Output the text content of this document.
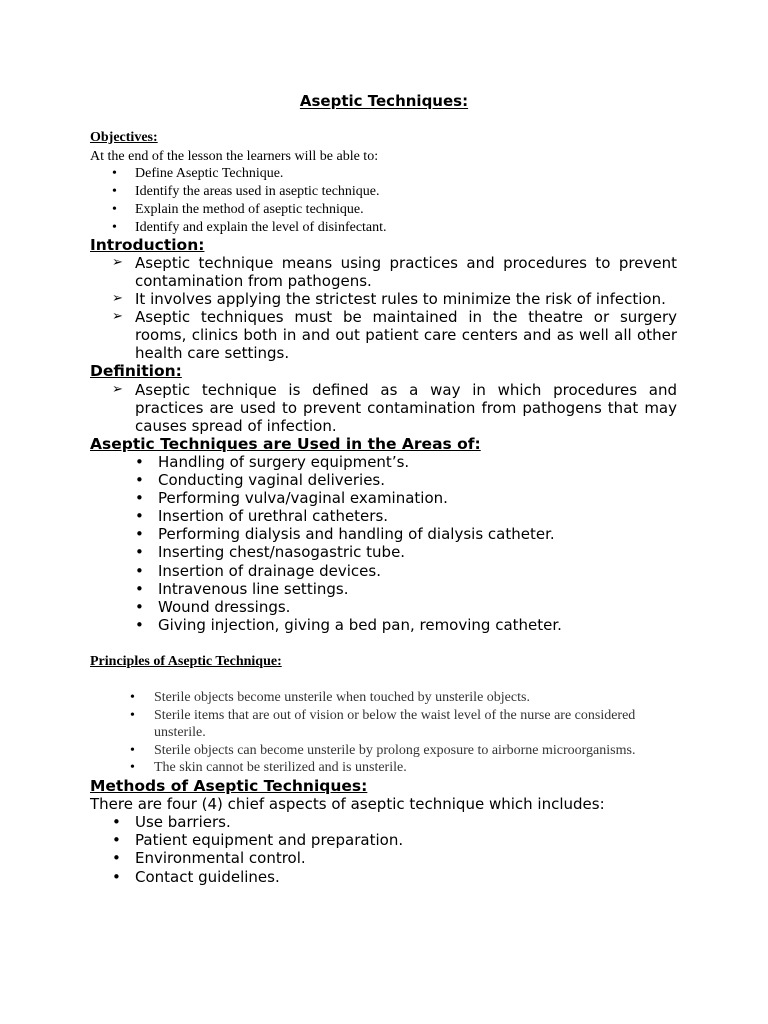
Aseptic Techniques:
Objectives:
At the end of the lesson the learners will be able to:
• Define Aseptic Technique.
• Identify the areas used in aseptic technique.
• Explain the method of aseptic technique.
• Identify and explain the level of disinfectant.
Introduction:
➢ Aseptic technique means using practices and procedures to prevent contamination from pathogens.
➢ It involves applying the strictest rules to minimize the risk of infection.
➢ Aseptic techniques must be maintained in the theatre or surgery rooms, clinics both in and out patient care centers and as well all other health care settings.
Definition:
➢ Aseptic technique is defined as a way in which procedures and practices are used to prevent contamination from pathogens that may causes spread of infection.
Aseptic Techniques are Used in the Areas of:
• Handling of surgery equipment’s.
• Conducting vaginal deliveries.
• Performing vulva/vaginal examination.
• Insertion of urethral catheters.
• Performing dialysis and handling of dialysis catheter.
• Inserting chest/nasogastric tube.
• Insertion of drainage devices.
• Intravenous line settings.
• Wound dressings.
• Giving injection, giving a bed pan, removing catheter.
Principles of Aseptic Technique:
• Sterile objects become unsterile when touched by unsterile objects.
• Sterile items that are out of vision or below the waist level of the nurse are considered unsterile.
• Sterile objects can become unsterile by prolong exposure to airborne microorganisms.
• The skin cannot be sterilized and is unsterile.
Methods of Aseptic Techniques:
There are four (4) chief aspects of aseptic technique which includes:
• Use barriers.
• Patient equipment and preparation.
• Environmental control.
• Contact guidelines.
